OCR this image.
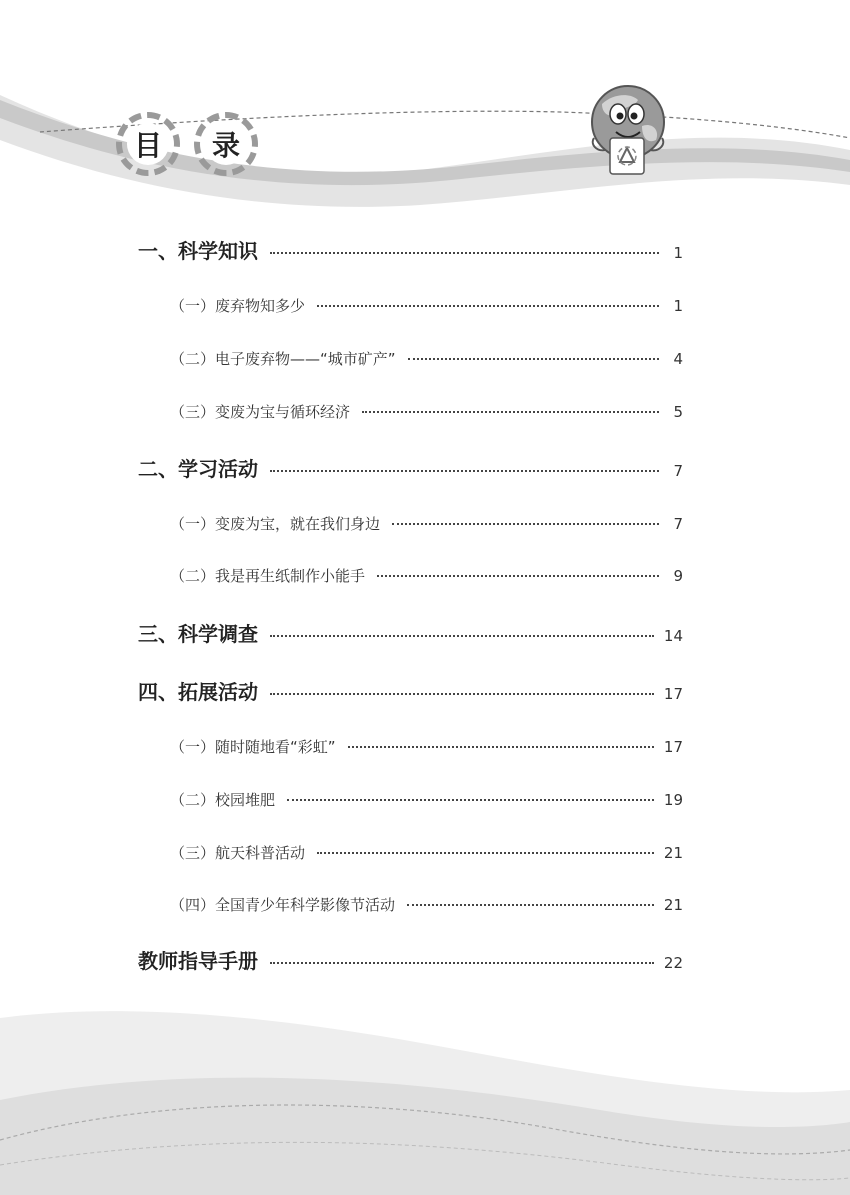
目 录
一、科学知识	1
（一）废弃物知多少	1
（二）电子废弃物——“城市矿产”	4
（三）变废为宝与循环经济	5
二、学习活动	7
（一）变废为宝，就在我们身边	7
（二）我是再生纸制作小能手	9
三、科学调查	14
四、拓展活动	17
（一）随时随地看“彩虹”	17
（二）校园堆肥	19
（三）航天科普活动	21
（四）全国青少年科学影像节活动	21
教师指导手册	22
